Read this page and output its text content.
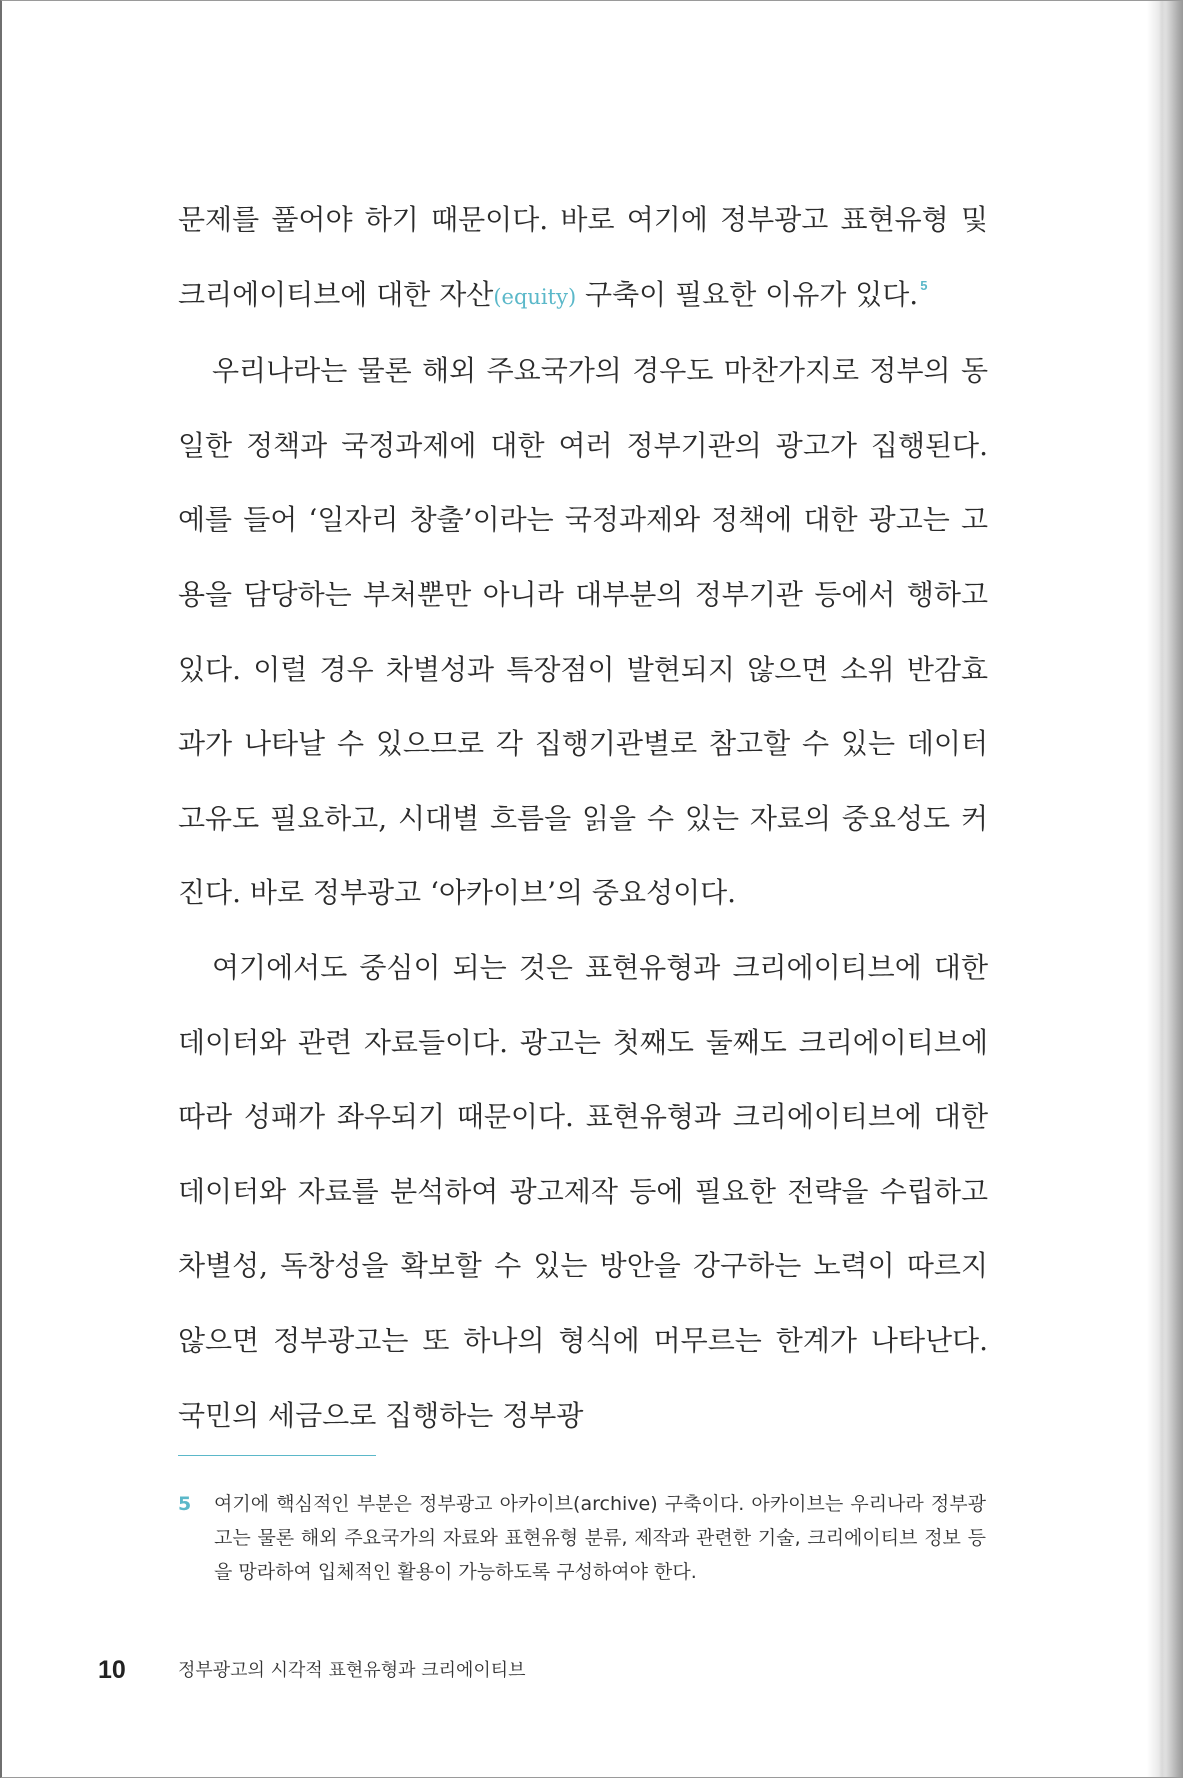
문제를 풀어야 하기 때문이다. 바로 여기에 정부광고 표현유형 및 크리에이티브에 대한 자산(equity) 구축이 필요한 이유가 있다. $^5$

우리나라는 물론 해외 주요국가의 경우도 마찬가지로 정부의 동일한 정책과 국정과제에 대한 여러 정부기관의 광고가 집행된다. 예를 들어 ‘일자리 창출’이라는 국정과제와 정책에 대한 광고는 고용을 담당하는 부처뿐만 아니라 대부분의 정부기관 등에서 행하고 있다. 이럴 경우 차별성과 특장점이 발현되지 않으면 소위 반감효과가 나타날 수 있으므로 각 집행기관별로 참고할 수 있는 데이터 고유도 필요하고, 시대별 흐름을 읽을 수 있는 자료의 중요성도 커진다. 바로 정부광고 ‘아카이브’의 중요성이다.

여기에서도 중심이 되는 것은 표현유형과 크리에이티브에 대한 데이터와 관련 자료들이다. 광고는 첫째도 둘째도 크리에이티브에 따라 성패가 좌우되기 때문이다. 표현유형과 크리에이티브에 대한 데이터와 자료를 분석하여 광고제작 등에 필요한 전략을 수립하고 차별성, 독창성을 확보할 수 있는 방안을 강구하는 노력이 따르지 않으면 정부광고는 또 하나의 형식에 머무르는 한계가 나타난다. 국민의 세금으로 집행하는 정부광

5 여기에 핵심적인 부분은 정부광고 아카이브(archive) 구축이다. 아카이브는 우리나라 정부광고는 물론 해외 주요국가의 자료와 표현유형 분류, 제작과 관련한 기술, 크리에이티브 정보 등을 망라하여 입체적인 활용이 가능하도록 구성하여야 한다.
10	정부광고의 시각적 표현유형과 크리에이티브
